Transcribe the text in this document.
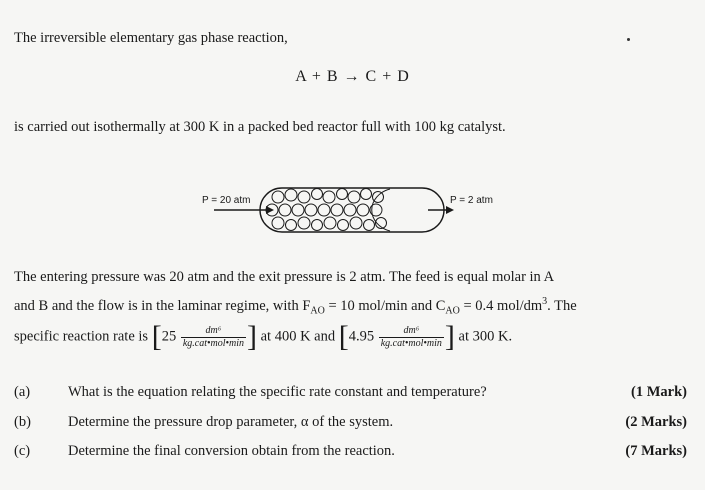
The irreversible elementary gas phase reaction,
A + B → C + D
is carried out isothermally at 300 K in a packed bed reactor full with 100 kg catalyst.
P = 20 atm	P = 2 atm
The entering pressure was 20 atm and the exit pressure is 2 atm. The feed is equal molar in A
and B and the flow is in the laminar regime, with $F_{AO} = 10$ mol/min and $C_{AO} = 0.4$ mol/$dm^3$. The
specific reaction rate is [$25 \frac{\text{dm⁶}}{\text{kg.cat•mol•min}}$ ] at 400 K and [$4.95 \frac{\text{dm⁶}}{\text{kg.cat•mol•min}}$ ] at 300 K.
(a)	What is the equation relating the specific rate constant and temperature?	(1 Mark)
(b)	Determine the pressure drop parameter, α of the system.	(2 Marks)
(c)	Determine the final conversion obtain from the reaction.	(7 Marks)
